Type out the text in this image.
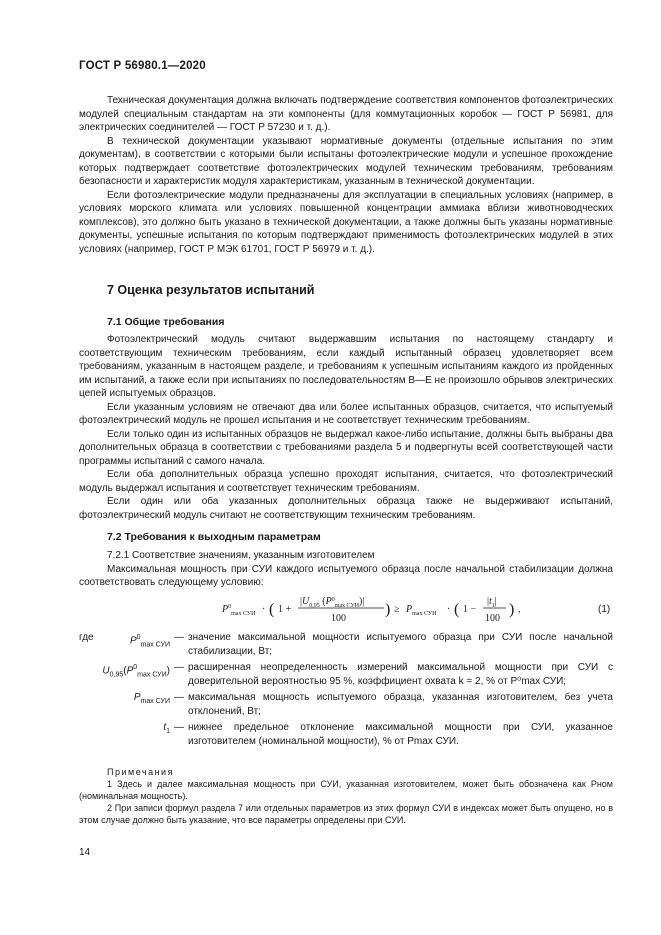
ГОСТ Р 56980.1—2020

Техническая документация должна включать подтверждение соответствия компонентов фотоэлектрических модулей специальным стандартам на эти компоненты (для коммутационных коробок — ГОСТ Р 56981, для электрических соединителей — ГОСТ Р 57230 и т. д.).

В технической документации указывают нормативные документы (отдельные испытания по этим документам), в соответствии с которыми были испытаны фотоэлектрические модули и успешное прохождение которых подтверждает соответствие фотоэлектрических модулей техническим требованиям, требованиям безопасности и характеристик модуля характеристикам, указанным в технической документации.

Если фотоэлектрические модули предназначены для эксплуатации в специальных условиях (например, в условиях морского климата или условиях повышенной концентрации аммиака вблизи животноводческих комплексов), это должно быть указано в технической документации, а также должны быть указаны нормативные документы, успешные испытания по которым подтверждают применимость фотоэлектрических модулей в этих условиях (например, ГОСТ Р МЭК 61701, ГОСТ Р 56979 и т. д.).

7 Оценка результатов испытаний
7.1 Общие требования

Фотоэлектрический модуль считают выдержавшим испытания по настоящему стандарту и соответствующим техническим требованиям, если каждый испытанный образец удовлетворяет всем требованиям, указанным в настоящем разделе, и требованиям к успешным испытаниям каждого из пройденных им испытаний, а также если при испытаниях по последовательностям В—Е не произошло обрывов электрических цепей испытуемых образцов.

Если указанным условиям не отвечают два или более испытанных образцов, считается, что испытуемый фотоэлектрический модуль не прошел испытания и не соответствует техническим требованиям.

Если только один из испытанных образцов не выдержал какое-либо испытание, должны быть выбраны два дополнительных образца в соответствии с требованиями раздела 5 и подвергнуты всей соответствующей части программы испытаний с самого начала.

Если оба дополнительных образца успешно проходят испытания, считается, что фотоэлектрический модуль выдержал испытания и соответствует техническим требованиям.

Если один или оба указанных дополнительных образца также не выдерживают испытаний, фотоэлектрический модуль считают не соответствующим техническим требованиям.

7.2 Требования к выходным параметрам

7.2.1 Соответствие значениям, указанным изготовителем

Максимальная мощность при СУИ каждого испытуемого образца после начальной стабилизации должна соответствовать следующему условию:

$P^0_{max СУИ}$ · ( 1 +
$|U_{0,95}$ $(P^0_{max СУИ})|$
100
) ≥ $P_{max СУИ}$ · ( 1 −
$|t_1|$
100
) ,	(1)
где	$P^0_{max СУИ}$
— значение максимальной мощности испытуемого образца при СУИ после начальной стабилизации, Вт;
$U_{0,95}(P^0_{max СУИ})$ — расширенная неопределенность измерений максимальной мощности при СУИ с доверительной вероятностью 95 %, коэффициент охвата k = 2, % от P⁰max СУИ;
$P_{max СУИ}$ — максимальная мощность испытуемого образца, указанная изготовителем, без учета отклонений, Вт;
$t_1$ — нижнее предельное отклонение максимальной мощности при СУИ, указанное изготовителем (номинальной мощности), % от Pmax СУИ.

Примечания

1 Здесь и далее максимальная мощность при СУИ, указанная изготовителем, может быть обозначена как Pном (номинальная мощность).

2 При записи формул раздела 7 или отдельных параметров из этих формул СУИ в индексах может быть опущено, но в этом случае должно быть указание, что все параметры определены при СУИ.

14
